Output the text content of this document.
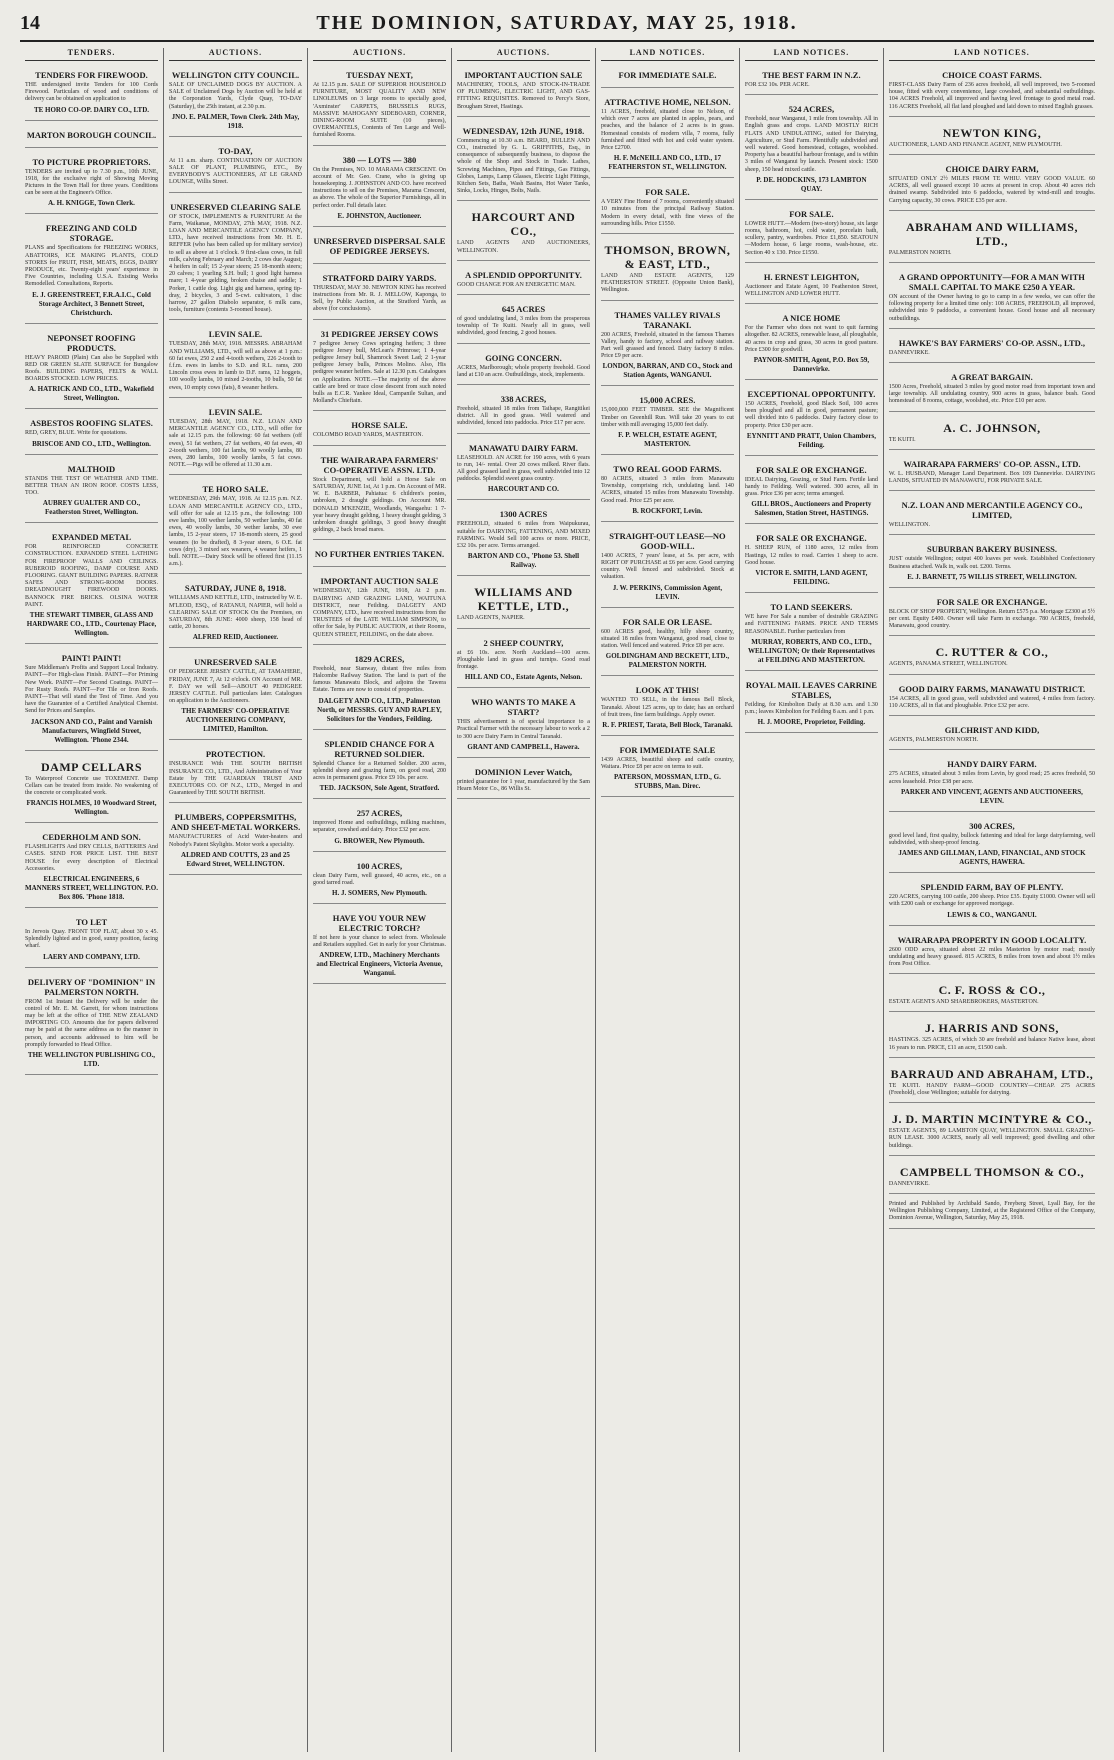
14	THE DOMINION, SATURDAY, MAY 25, 1918.
TENDERS.
TENDERS FOR FIREWOOD.
THE undersigned invite Tenders for 100 Cords Firewood. Particulars of wood and conditions of delivery can be obtained on application to
TE HORO CO-OP. DAIRY CO., LTD.
MARTON BOROUGH COUNCIL.
TO PICTURE PROPRIETORS.
TENDERS are invited up to 7.30 p.m., 10th JUNE, 1918, for the exclusive right of Showing Moving Pictures in the Town Hall for three years. Conditions can be seen at the Engineer's Office.
A. H. KNIGGE, Town Clerk.
FREEZING AND COLD STORAGE.
PLANS and Specifications for FREEZING WORKS, ABATTOIRS, ICE MAKING PLANTS, COLD STORES for FRUIT, FISH, MEATS, EGGS, DAIRY PRODUCE, etc. Twenty-eight years' experience in Five Countries, including U.S.A. Existing Works Remodelled. Consultations, Reports.
E. J. GREENSTREET, F.R.A.I.C., Cold Storage Architect, 3 Bennett Street, Christchurch.
NEPONSET ROOFING PRODUCTS.
HEAVY PAROID (Plain) Can also be Supplied with RED OR GREEN SLATE SURFACE for Bungalow Roofs. BUILDING PAPERS, FELTS & WALL BOARDS STOCKED. LOW PRICES.
A. HATRICK AND CO., LTD., Wakefield Street, Wellington.
ASBESTOS ROOFING SLATES.
RED, GREY, BLUE. Write for quotations.
BRISCOE AND CO., LTD., Wellington.
MALTHOID
STANDS THE TEST OF WEATHER AND TIME. BETTER THAN AN IRON ROOF. COSTS LESS, TOO.
AUBREY GUALTER AND CO., Featherston Street, Wellington.
EXPANDED METAL
FOR REINFORCED CONCRETE CONSTRUCTION. EXPANDED STEEL LATHING FOR FIREPROOF WALLS AND CEILINGS. RUBEROID ROOFING, DAMP COURSE AND FLOORING. GIANT BUILDING PAPERS. RATNER SAFES AND STRONG-ROOM DOORS. DREADNOUGHT FIREWOOD DOORS. BANNOCK FIRE BRICKS. OLSINA WATER PAINT.
THE STEWART TIMBER, GLASS AND HARDWARE CO., LTD., Courtenay Place, Wellington.
PAINT! PAINT!
Sure Middleman's Profits and Support Local Industry. PAINT—For High-class Finish. PAINT—For Priming New Work. PAINT—For Second Coatings. PAINT—For Rusty Roofs. PAINT—For Tile or Iron Roofs. PAINT—That will stand the Test of Time. And you have the Guarantee of a Certified Analytical Chemist. Send for Prices and Samples.
JACKSON AND CO., Paint and Varnish Manufacturers, Wingfield Street, Wellington. 'Phone 2344.
DAMP CELLARS
To Waterproof Concrete use TOXEMENT. Damp Cellars can be treated from inside. No weakening of the concrete or complicated work.
FRANCIS HOLMES, 10 Woodward Street, Wellington.
CEDERHOLM AND SON.
FLASHLIGHTS And DRY CELLS, BATTERIES And CASES. SEND FOR PRICE LIST. THE BEST HOUSE for every description of Electrical Accessories.
ELECTRICAL ENGINEERS, 6 MANNERS STREET, WELLINGTON. P.O. Box 806. 'Phone 1818.
TO LET
In Jervois Quay. FRONT TOP FLAT, about 30 x 45. Splendidly lighted and in good, sunny position, facing wharf.
LAERY AND COMPANY, LTD.
DELIVERY OF "DOMINION" IN PALMERSTON NORTH.
FROM 1st Instant the Delivery will be under the control of Mr. E. M. Garrett, for whom instructions may be left at the office of THE NEW ZEALAND IMPORTING CO. Amounts due for papers delivered may be paid at the same address as to the manner in person, and accounts addressed to him will be promptly forwarded to Head Office.
THE WELLINGTON PUBLISHING CO., LTD.
AUCTIONS.
WELLINGTON CITY COUNCIL.
SALE OF UNCLAIMED DOGS BY AUCTION. A SALE of Unclaimed Dogs by Auction will be held at the Corporation Yards, Clyde Quay, TO-DAY (Saturday), the 25th instant, at 2.30 p.m.
JNO. E. PALMER, Town Clerk. 24th May, 1918.
TO-DAY,
At 11 a.m. sharp. CONTINUATION OF AUCTION SALE OF PLANT, PLUMBING, ETC., By EVERYBODY'S AUCTIONEERS, AT LE GRAND LOUNGE, Willis Street.
UNRESERVED CLEARING SALE
OF STOCK, IMPLEMENTS & FURNITURE At the Farm, Waikanae, MONDAY, 27th MAY, 1918. N.Z. LOAN AND MERCANTILE AGENCY COMPANY, LTD., have received instructions from Mr. H. E. REFFER (who has been called up for military service) to sell as above at 1 o'clock. 9 first-class cows, in full milk, calving February and March; 2 cows due August; 4 heifers in calf; 15 2-year steers; 25 18-month steers; 20 calves; 1 yearling S.H. bull; 1 good light harness mare; 1 4-year gelding, broken chaise and saddle; 1 Porker, 1 cattle dog. Light gig and harness, spring tip-dray, 2 bicycles, 3 and 5-cwt. cultivators, 1 disc harrow, 27 gallon Diabolo separator, 6 milk cans, tools, furniture (contents 3-roomed house).
LEVIN SALE.
TUESDAY, 28th MAY, 1918. MESSRS. ABRAHAM AND WILLIAMS, LTD., will sell as above at 1 p.m.: 60 fat ewes, 250 2 and 4-tooth wethers, 226 2-tooth to f.f.m. ewes in lambs to S.D. and R.L. rams, 200 Lincoln cross ewes in lamb to D.F. rams, 12 hoggets, 100 woolly lambs, 10 mixed 2-tooths, 10 bulls, 50 fat ewes, 10 empty cows (fats), 8 weaner heifers.
LEVIN SALE.
TUESDAY, 28th MAY, 1918. N.Z. LOAN AND MERCANTILE AGENCY CO., LTD., will offer for sale at 12.15 p.m. the following: 60 fat wethers (off ewes), 51 fat wethers, 27 fat wethers, 40 fat ewes, 40 2-tooth wethers, 100 fat lambs, 90 woolly lambs, 80 ewes, 280 lambs, 100 woolly lambs, 5 fat cows. NOTE.—Pigs will be offered at 11.30 a.m.
TE HORO SALE.
WEDNESDAY, 29th MAY, 1918. At 12.15 p.m. N.Z. LOAN AND MERCANTILE AGENCY CO., LTD., will offer for sale at 12.15 p.m., the following: 100 ewe lambs, 100 wether lambs, 50 wether lambs, 40 fat ewes, 40 woolly lambs, 30 wether lambs, 30 ewe lambs, 15 2-year steers, 17 18-month steers, 25 good weaners (to be drafted), 8 3-year steers, 6 O.E. fat cows (dry), 3 mixed sex weaners, 4 weaner heifers, 1 bull. NOTE.—Dairy Stock will be offered first (11.15 a.m.).
SATURDAY, JUNE 8, 1918.
WILLIAMS AND KETTLE, LTD., instructed by W. E. M'LEOD, ESQ., of RATANUI, NAPIER, will hold a CLEARING SALE OF STOCK On the Premises, on SATURDAY, 8th JUNE: 4000 sheep, 158 head of cattle, 20 horses.
ALFRED REID, Auctioneer.
UNRESERVED SALE
OF PEDIGREE JERSEY CATTLE, AT TAMAHERE, FRIDAY, JUNE 7, At 12 o'clock. ON Account of MR. F. DAY we will Sell—ABOUT 40 PEDIGREE JERSEY CATTLE. Full particulars later. Catalogues on application to the Auctioneers.
THE FARMERS' CO-OPERATIVE AUCTIONEERING COMPANY, LIMITED, Hamilton.
PROTECTION.
INSURANCE With THE SOUTH BRITISH INSURANCE CO., LTD., And Administration of Your Estate by THE GUARDIAN TRUST AND EXECUTORS CO. OF N.Z., LTD., Merged in and Guaranteed by THE SOUTH BRITISH.
PLUMBERS, COPPERSMITHS, AND SHEET-METAL WORKERS.
MANUFACTURERS of Acid Water-heaters and Nobody's Patent Skylights. Motor work a speciality.
ALDRED AND COUTTS, 23 and 25 Edward Street, WELLINGTON.
AUCTIONS.
TUESDAY NEXT,
At 12.15 p.m. SALE OF SUPERIOR HOUSEHOLD FURNITURE, MOST QUALITY AND NEW LINOLEUMS on 3 large rooms to specially good, 'Axminster' CARPETS, BRUSSELS RUGS, MASSIVE MAHOGANY SIDEBOARD, CORNER, DINING-ROOM SUITE (10 pieces), OVERMANTELS, Contents of Ten Large and Well-furnished Rooms.
380 — LOTS — 380
On the Premises, NO. 10 MARAMA CRESCENT. On account of Mr. Geo. Crane, who is giving up housekeeping. J. JOHNSTON AND CO. have received instructions to sell on the Premises, Marama Crescent, as above. The whole of the Superior Furnishings, all in perfect order. Full details later.
E. JOHNSTON, Auctioneer.
UNRESERVED DISPERSAL SALE OF PEDIGREE JERSEYS.
STRATFORD DAIRY YARDS.
THURSDAY, MAY 30. NEWTON KING has received instructions from Mr. R. J. MELLOW, Kaponga, to Sell, by Public Auction, at the Stratford Yards, as above (for conclusions).
31 PEDIGREE JERSEY COWS
7 pedigree Jersey Cows springing heifers; 3 three pedigree Jersey bull, McLean's Primrose; 1 4-year pedigree Jersey bull, Shamrock Sweet Lad; 2 1-year pedigree Jersey bulls, Princes Molino. Also, His pedigree weaner heifers. Sale at 12.30 p.m. Catalogues on Application. NOTE.—The majority of the above cattle are bred or trace close descent from such noted bulls as E.C.R. Yankee Ideal, Campanile Sultan, and Molland's Chieftain.
HORSE SALE.
COLOMBO ROAD YARDS, MASTERTON.
THE WAIRARAPA FARMERS' CO-OPERATIVE ASSN. LTD.
Stock Department, will hold a Horse Sale on SATURDAY, JUNE 1st, At 1 p.m. On Account of MR. W. E. BARBER, Pahiatua: 6 children's ponies, unbroken, 2 draught geldings. On Account MR. DONALD M'KENZIE, Woodlands, Wangaehu: 1 7-year heavy draught gelding, 1 heavy draught gelding, 3 unbroken draught geldings, 3 good heavy draught geldings, 2 back broad mares.
NO FURTHER ENTRIES TAKEN.
IMPORTANT AUCTION SALE
WEDNESDAY, 12th JUNE, 1918, At 2 p.m. DAIRYING AND GRAZING LAND, WAITUNA DISTRICT, near Feilding. DALGETY AND COMPANY, LTD., have received instructions from the TRUSTEES of the LATE WILLIAM SIMPSON, to offer for Sale, by PUBLIC AUCTION, at their Rooms, QUEEN STREET, FEILDING, on the date above.
1829 ACRES,
Freehold, near Stanway, distant five miles from Halcombe Railway Station. The land is part of the famous Manawatu Block, and adjoins the Tawera Estate. Terms are now to consist of properties.
DALGETY AND CO., LTD., Palmerston North, or MESSRS. GUY AND RAPLEY, Solicitors for the Vendors, Feilding.
SPLENDID CHANCE FOR A RETURNED SOLDIER.
Splendid Chance for a Returned Soldier. 200 acres, splendid sheep and grazing farm, on good road, 200 acres in permanent grass. Price £9 10s. per acre.
TED. JACKSON, Sole Agent, Stratford.
257 ACRES,
improved Home and outbuildings, milking machines, separator, cowshed and dairy. Price £32 per acre.
G. BROWER, New Plymouth.
100 ACRES,
clean Dairy Farm, well grassed, 40 acres, etc., on a good tarred road.
H. J. SOMERS, New Plymouth.
HAVE YOU YOUR NEW ELECTRIC TORCH?
If not here is your chance to select from. Wholesale and Retailers supplied. Get in early for your Christmas.
ANDREW, LTD., Machinery Merchants and Electrical Engineers, Victoria Avenue, Wanganui.
AUCTIONS.
IMPORTANT AUCTION SALE
MACHINERY, TOOLS, AND STOCK-IN-TRADE OF PLUMBING, ELECTRIC LIGHT, AND GAS-FITTING REQUISITES. Removed to Percy's Store, Brougham Street, Hastings.
WEDNESDAY, 12th JUNE, 1918.
Commencing at 10.30 a.m. BEARD, BULLEN AND CO., instructed by G. L. GRIFFITHS, Esq., in consequence of subsequently business, to dispose the whole of the Shop and Stock in Trade. Lathes, Screwing Machines, Pipes and Fittings, Gas Fittings, Globes, Lamps, Lamp Glasses, Electric Light Fittings, Kitchen Sets, Baths, Wash Basins, Hot Water Tanks, Sinks, Locks, Hinges, Bolts, Nails.
HARCOURT AND CO.,
LAND AGENTS AND AUCTIONEERS, WELLINGTON.
A SPLENDID OPPORTUNITY.
GOOD CHANGE FOR AN ENERGETIC MAN.
645 ACRES
of good undulating land, 3 miles from the prosperous township of Te Kuiti. Nearly all in grass, well subdivided, good fencing, 2 good houses.
GOING CONCERN.
ACRES, Marlborough; whole property freehold. Good land at £10 an acre. Outbuildings, stock, implements.
338 ACRES,
Freehold, situated 18 miles from Taihape, Rangitikei district. All in good grass. Well watered and subdivided, fenced into paddocks. Price £17 per acre.
MANAWATU DAIRY FARM.
LEASEHOLD. AN ACRE for 190 acres, with 6 years to run, 14/- rental. Over 20 cows milked. River flats. All good grassed land in grass, well subdivided into 12 paddocks. Splendid sweet grass country.
HARCOURT AND CO.
1300 ACRES
FREEHOLD, situated 6 miles from Waipukurau, suitable for DAIRYING, FATTENING, AND MIXED FARMING. Would Sell 100 acres or more. PRICE, £32 10s. per acre. Terms arranged.
BARTON AND CO., 'Phone 53. Shell Railway.
WILLIAMS AND KETTLE, LTD.,
LAND AGENTS, NAPIER.
2 SHEEP COUNTRY,
at £6 10s. acre. North Auckland—100 acres. Ploughable land in grass and turnips. Good road frontage.
HILL AND CO., Estate Agents, Nelson.
WHO WANTS TO MAKE A START?
THIS advertisement is of special importance to a Practical Farmer with the necessary labour to work a 2 to 300 acre Dairy Farm in Central Taranaki.
GRANT AND CAMPBELL, Hawera.
DOMINION Lever Watch,
printed guarantee for 1 year, manufactured by the Sam Hearn Motor Co., 86 Willis St.
LAND NOTICES.
FOR IMMEDIATE SALE.
ATTRACTIVE HOME, NELSON.
11 ACRES, freehold, situated close to Nelson, of which over 7 acres are planted in apples, pears, and peaches, and the balance of 2 acres is in grass. Homestead consists of modern villa, 7 rooms, fully furnished and fitted with hot and cold water system. Price £2700.
H. F. McNEILL AND CO., LTD., 17 FEATHERSTON ST., WELLINGTON.
FOR SALE.
A VERY Fine Home of 7 rooms, conveniently situated 10 minutes from the principal Railway Station. Modern in every detail, with fine views of the surrounding hills. Price £1550.
THOMSON, BROWN, & EAST, LTD.,
LAND AND ESTATE AGENTS, 129 FEATHERSTON STREET. (Opposite Union Bank), Wellington.
THAMES VALLEY RIVALS TARANAKI.
200 ACRES, Freehold, situated in the famous Thames Valley, handy to factory, school and railway station. Part well grassed and fenced. Dairy factory 8 miles. Price £9 per acre.
LONDON, BARRAN, AND CO., Stock and Station Agents, WANGANUI.
15,000 ACRES.
15,000,000 FEET TIMBER. SEE the Magnificent Timber on Greenhill Run. Will take 20 years to cut timber with mill averaging 15,000 feet daily.
F. P. WELCH, ESTATE AGENT, MASTERTON.
TWO REAL GOOD FARMS.
80 ACRES, situated 3 miles from Manawatu Township, comprising rich, undulating land. 140 ACRES, situated 15 miles from Manawatu Township. Good road. Price £25 per acre.
B. ROCKFORT, Levin.
STRAIGHT-OUT LEASE—NO GOOD-WILL.
1400 ACRES, 7 years' lease, at 5s. per acre, with RIGHT OF PURCHASE at £6 per acre. Good carrying country. Well fenced and subdivided. Stock at valuation.
J. W. PERKINS, Commission Agent, LEVIN.
FOR SALE OR LEASE.
600 ACRES good, healthy, hilly sheep country, situated 18 miles from Wanganui, good road, close to station. Well fenced and watered. Price £8 per acre.
GOLDINGHAM AND BECKETT, LTD., PALMERSTON NORTH.
LOOK AT THIS!
WANTED TO SELL, in the famous Bell Block, Taranaki. About 125 acres, up to date; has an orchard of fruit trees, fine farm buildings. Apply owner.
R. F. PRIEST, Tarata, Bell Block, Taranaki.
FOR IMMEDIATE SALE
1439 ACRES, beautiful sheep and cattle country, Waitara. Price £8 per acre on terms to suit.
PATERSON, MOSSMAN, LTD., G. STUBBS, Man. Direc.
LAND NOTICES.
THE BEST FARM IN N.Z.
FOR £32 10s. PER ACRE.
524 ACRES,
Freehold, near Wanganui, 1 mile from township. All in English grass and crops. LAND MOSTLY RICH FLATS AND UNDULATING, suited for Dairying, Agriculture, or Stud Farm. Plentifully subdivided and well watered. Good homestead, cottages, woolshed. Property has a beautiful harbour frontage, and is within 3 miles of Wanganui by launch. Present stock: 1500 sheep, 150 head mixed cattle.
P. DE. HODCKINS, 173 LAMBTON QUAY.
FOR SALE.
LOWER HUTT.—Modern (two-story) house, six large rooms, bathroom, hot, cold water, porcelain bath, scullery, pantry, wardrobes. Price £1,850. SEATOUN—Modern house, 6 large rooms, wash-house, etc. Section 40 x 130. Price £1550.
H. ERNEST LEIGHTON,
Auctioneer and Estate Agent, 10 Featherston Street, WELLINGTON AND LOWER HUTT.
A NICE HOME
For the Farmer who does not want to quit farming altogether. 82 ACRES, renewable lease, all ploughable, 40 acres in crop and grass, 30 acres in good pasture. Price £300 for goodwill.
PAYNOR-SMITH, Agent, P.O. Box 59, Dannevirke.
EXCEPTIONAL OPPORTUNITY.
150 ACRES, Freehold, good Black Soil, 100 acres been ploughed and all in good, permanent pasture; well divided into 6 paddocks. Dairy factory close to property. Price £30 per acre.
EYNNITT AND PRATT, Union Chambers, Feilding.
FOR SALE OR EXCHANGE.
IDEAL Dairying, Grazing, or Stud Farm. Fertile land handy to Feilding. Well watered. 300 acres, all in grass. Price £36 per acre; terms arranged.
GILL BROS., Auctioneers and Property Salesmen, Station Street, HASTINGS.
FOR SALE OR EXCHANGE.
H. SHEEP RUN, of 1180 acres, 12 miles from Hastings, 12 miles to road. Carries 1 sheep to acre. Good house.
VICTOR E. SMITH, LAND AGENT, FEILDING.
TO LAND SEEKERS.
WE have For Sale a number of desirable GRAZING and FATTENING FARMS. PRICE AND TERMS REASONABLE. Further particulars from
MURRAY, ROBERTS, AND CO., LTD., WELLINGTON; Or their Representatives at FEILDING AND MASTERTON.
ROYAL MAIL LEAVES CARRINE STABLES,
Feilding, for Kimbolton Daily at 8.30 a.m. and 1.30 p.m.; leaves Kimbolton for Feilding 8 a.m. and 1 p.m.
H. J. MOORE, Proprietor, Feilding.
LAND NOTICES.
CHOICE COAST FARMS.
FIRST-CLASS Dairy Farm of 236 acres freehold, all well improved, two 5-roomed house, fitted with every convenience, large cowshed, and substantial outbuildings. 104 ACRES Freehold, all improved and having level frontage to good metal road. 116 ACRES Freehold, all flat land ploughed and laid down to mixed English grasses.
NEWTON KING,
AUCTIONEER, LAND AND FINANCE AGENT, NEW PLYMOUTH.
CHOICE DAIRY FARM,
SITUATED ONLY 2½ MILES FROM TE WHIU. VERY GOOD VALUE. 60 ACRES, all well grassed except 10 acres at present in crop. About 40 acres rich drained swamp. Subdivided into 6 paddocks, watered by wind-mill and troughs. Carrying capacity, 30 cows. PRICE £35 per acre.
ABRAHAM AND WILLIAMS, LTD.,
PALMERSTON NORTH.
A GRAND OPPORTUNITY—FOR A MAN WITH SMALL CAPITAL TO MAKE £250 A YEAR.
ON account of the Owner having to go to camp in a few weeks, we can offer the following property for a limited time only: 108 ACRES, FREEHOLD, all improved, subdivided into 9 paddocks, a convenient house. Good house and all necessary outbuildings.
HAWKE'S BAY FARMERS' CO-OP. ASSN., LTD.,
DANNEVIRKE.
A GREAT BARGAIN.
1500 Acres, Freehold, situated 3 miles by good motor road from important town and large township. All undulating country, 900 acres in grass, balance bush. Good homestead of 8 rooms, cottage, woolshed, etc. Price £10 per acre.
A. C. JOHNSON,
TE KUITI.
WAIRARAPA FARMERS' CO-OP. ASSN., LTD.
W. L. HUSBAND, Manager Land Department. Box 109 Dannevirke. DAIRYING LANDS, SITUATED IN MANAWATU, FOR PRIVATE SALE.
N.Z. LOAN AND MERCANTILE AGENCY CO., LIMITED,
WELLINGTON.
SUBURBAN BAKERY BUSINESS.
JUST outside Wellington; output 400 loaves per week. Established Confectionery Business attached. Walk in, walk out. £200. Terms.
E. J. BARNETT, 75 WILLIS STREET, WELLINGTON.
FOR SALE OR EXCHANGE.
BLOCK OF SHOP PROPERTY, Wellington. Return £575 p.a. Mortgage £2300 at 5½ per cent. Equity £400. Owner will take Farm in exchange. 780 ACRES, freehold, Manawatu, good country.
C. RUTTER & CO.,
AGENTS, PANAMA STREET, WELLINGTON.
GOOD DAIRY FARMS, MANAWATU DISTRICT.
154 ACRES, all in good grass, well subdivided and watered, 4 miles from factory. 110 ACRES, all in flat and ploughable. Price £32 per acre.
GILCHRIST AND KIDD,
AGENTS, PALMERSTON NORTH.
HANDY DAIRY FARM.
275 ACRES, situated about 3 miles from Levin, by good road; 25 acres freehold, 50 acres leasehold. Price £38 per acre.
PARKER AND VINCENT, AGENTS AND AUCTIONEERS, LEVIN.
300 ACRES,
good level land, first quality, bullock fattening and ideal for large dairyfarming, well subdivided, with sheep-proof fencing.
JAMES AND GILLMAN, LAND, FINANCIAL, AND STOCK AGENTS, HAWERA.
SPLENDID FARM, BAY OF PLENTY.
220 ACRES, carrying 100 cattle, 200 sheep. Price £35. Equity £1000. Owner will sell with £200 cash or exchange for approved mortgage.
LEWIS & CO., WANGANUI.
WAIRARAPA PROPERTY IN GOOD LOCALITY.
2600 ODD acres, situated about 22 miles Masterton by motor road; mostly undulating and heavy grassed. 815 ACRES, 8 miles from town and about 1½ miles from Post Office.
C. F. ROSS & CO.,
ESTATE AGENTS AND SHAREBROKERS, MASTERTON.
J. HARRIS AND SONS,
HASTINGS. 325 ACRES, of which 30 are freehold and balance Native lease, about 16 years to run. PRICE, £11 an acre, £1500 cash.
BARRAUD AND ABRAHAM, LTD.,
TE KUITI. HANDY FARM—GOOD COUNTRY—CHEAP. 275 ACRES (Freehold), close Wellington; suitable for dairying.
J. D. MARTIN MCINTYRE & CO.,
ESTATE AGENTS, 89 LAMBTON QUAY, WELLINGTON. SMALL GRAZING-RUN LEASE. 3000 ACRES, nearly all well improved; good dwelling and other buildings.
CAMPBELL THOMSON & CO.,
DANNEVIRKE.
Printed and Published by Archibald Sando, Freyberg Street, Lyall Bay, for the Wellington Publishing Company, Limited, at the Registered Office of the Company, Dominion Avenue, Wellington, Saturday, May 25, 1918.
